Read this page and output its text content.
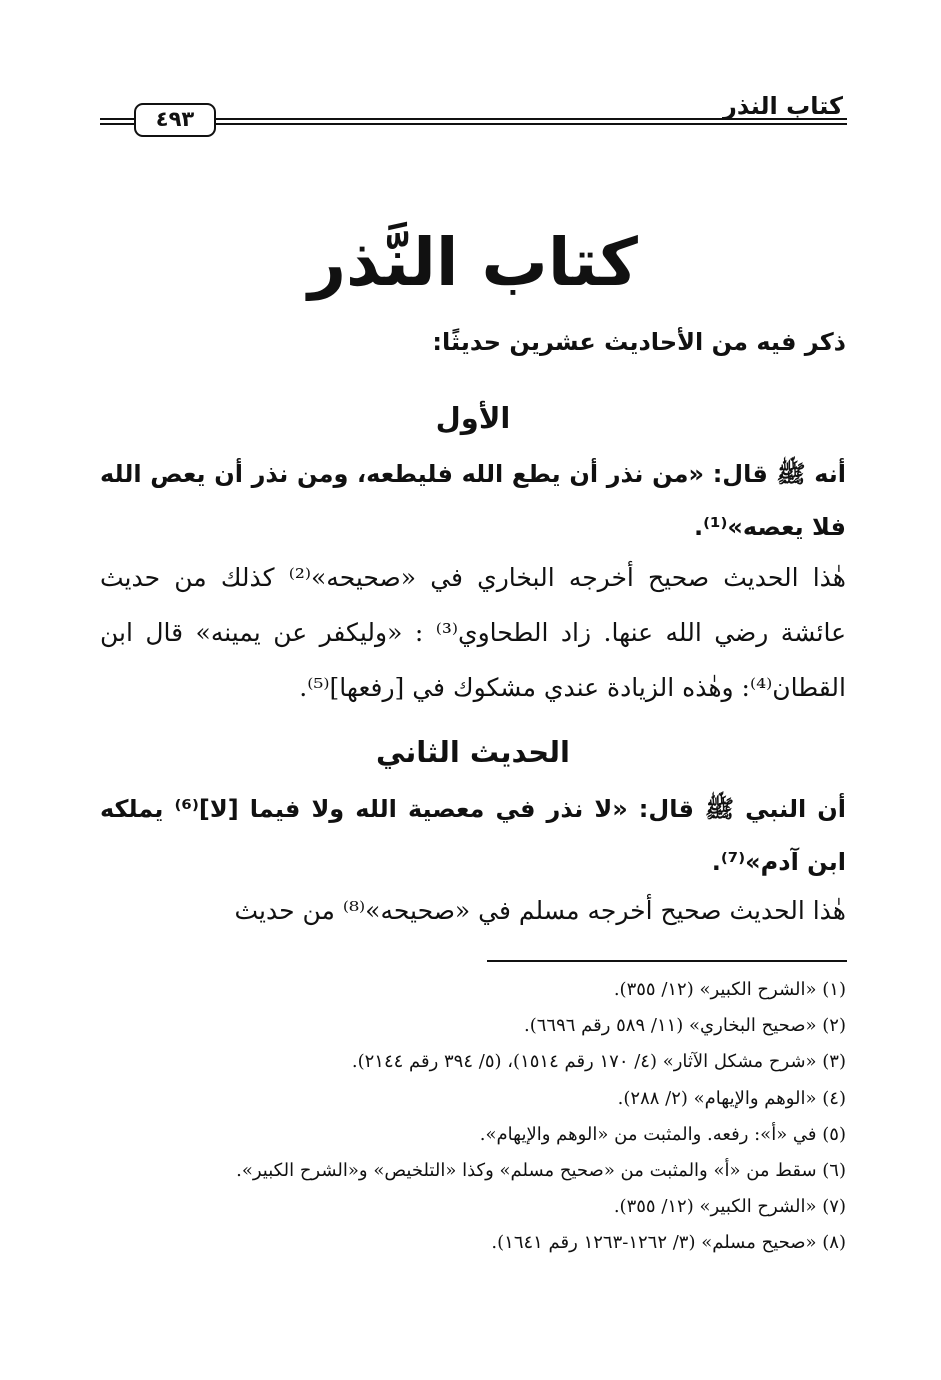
كتاب النذر
٤٩٣
كتاب النَّذر
ذكر فيه من الأحاديث عشرين حديثًا:
الأول
أنه ﷺ قال: «من نذر أن يطع الله فليطعه، ومن نذر أن يعص الله فلا يعصه»⁽¹⁾.
هٰذا الحديث صحيح أخرجه البخاري في «صحيحه»⁽²⁾ كذلك من حديث عائشة رضي الله عنها. زاد الطحاوي⁽³⁾ : «وليكفر عن يمينه» قال ابن القطان⁽⁴⁾: وهٰذه الزيادة عندي مشكوك في [رفعها]⁽⁵⁾.
الحديث الثاني
أن النبي ﷺ قال: «لا نذر في معصية الله ولا فيما [لا]⁽⁶⁾ يملكه ابن آدم»⁽⁷⁾.
هٰذا الحديث صحيح أخرجه مسلم في «صحيحه»⁽⁸⁾ من حديث
(١) «الشرح الكبير» (١٢/ ٣٥٥).
(٢) «صحيح البخاري» (١١/ ٥٨٩ رقم ٦٦٩٦).
(٣) «شرح مشكل الآثار» (٤/ ١٧٠ رقم ١٥١٤)، (٥/ ٣٩٤ رقم ٢١٤٤).
(٤) «الوهم والإيهام» (٢/ ٢٨٨).
(٥) في «أ»: رفعه. والمثبت من «الوهم والإيهام».
(٦) سقط من «أ» والمثبت من «صحيح مسلم» وكذا «التلخيص» و«الشرح الكبير».
(٧) «الشرح الكبير» (١٢/ ٣٥٥).
(٨) «صحيح مسلم» (٣/ ١٢٦٢-١٢٦٣ رقم ١٦٤١).
